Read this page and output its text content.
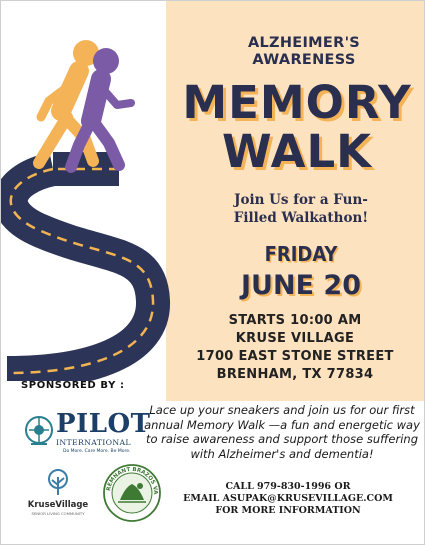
ALZHEIMER'S
AWARENESS
MEMORY
WALK
Join Us for a Fun-
Filled Walkathon!
FRIDAY
JUNE 20
STARTS 10:00 AM
KRUSE VILLAGE
1700 EAST STONE STREET
BRENHAM, TX 77834
SPONSORED BY :
PILOT
INTERNATIONAL
Do More. Care More. Be More.
KruseVillage
SENIOR LIVING COMMUNITY
REMNANT BRAZOS VA
Lace up your sneakers and join us for our first annual Memory Walk —a fun and energetic way to raise awareness and support those suffering with Alzheimer's and dementia!
CALL 979-830-1996 OR
EMAIL ASUPAK@KRUSEVILLAGE.COM
FOR MORE INFORMATION
